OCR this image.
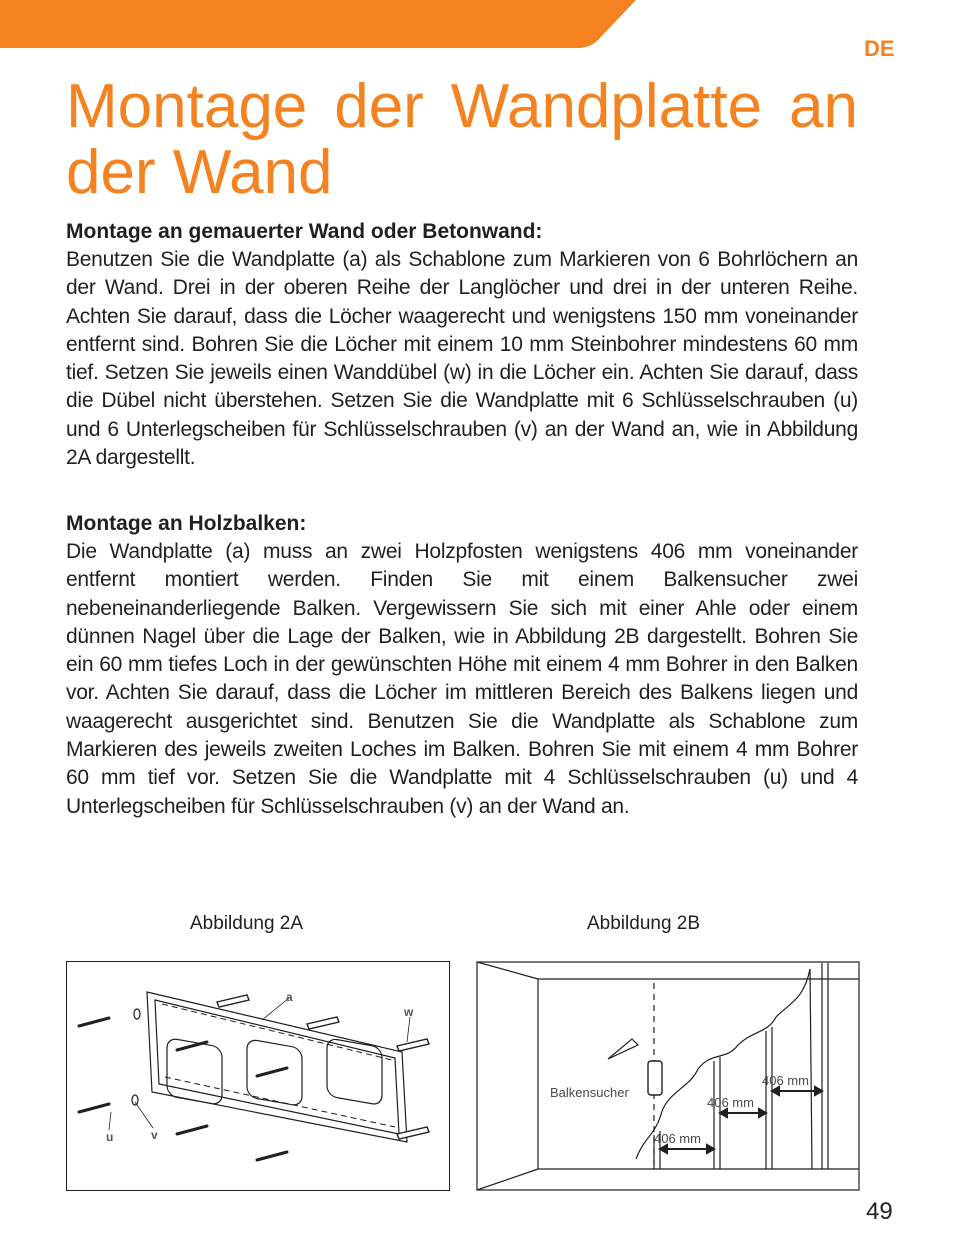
DE
Montage der Wandplatte an der Wand
Montage an gemauerter Wand oder Betonwand:

Benutzen Sie die Wandplatte (a) als Schablone zum Markieren von 6 Bohrlöchern an der Wand. Drei in der oberen Reihe der Langlöcher und drei in der unteren Reihe. Achten Sie darauf, dass die Löcher waagerecht und wenigstens 150 mm voneinander entfernt sind. Bohren Sie die Löcher mit einem 10 mm Steinbohrer mindestens 60 mm tief. Setzen Sie jeweils einen Wanddübel (w) in die Löcher ein. Achten Sie darauf, dass die Dübel nicht überstehen. Setzen Sie die Wandplatte mit 6 Schlüsselschrauben (u) und 6 Unterlegscheiben für Schlüsselschrauben (v) an der Wand an, wie in Abbildung 2A dargestellt.

Montage an Holzbalken:

Die Wandplatte (a) muss an zwei Holzpfosten wenigstens 406 mm voneinander entfernt montiert werden. Finden Sie mit einem Balkensucher zwei nebeneinanderliegende Balken. Vergewissern Sie sich mit einer Ahle oder einem dünnen Nagel über die Lage der Balken, wie in Abbildung 2B dargestellt. Bohren Sie ein 60 mm tiefes Loch in der gewünschten Höhe mit einem 4 mm Bohrer in den Balken vor. Achten Sie darauf, dass die Löcher im mittleren Bereich des Balkens liegen und waagerecht ausgerichtet sind. Benutzen Sie die Wandplatte als Schablone zum Markieren des jeweils zweiten Loches im Balken. Bohren Sie mit einem 4 mm Bohrer 60 mm tief vor. Setzen Sie die Wandplatte mit 4 Schlüsselschrauben (u) und 4 Unterlegscheiben für Schlüsselschrauben (v) an der Wand an.

Abbildung 2A	Abbildung 2B
a
w
u	v
Balkensucher
406 mm
406 mm
406 mm
49
